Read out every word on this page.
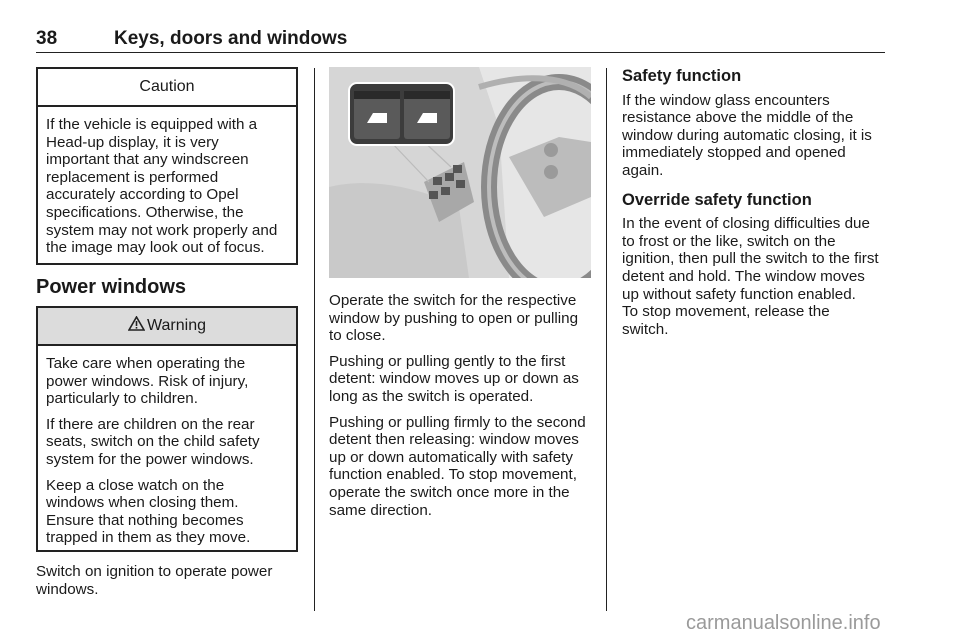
38	Keys, doors and windows
Caution
If the vehicle is equipped with a
Head-up display, it is very
important that any windscreen
replacement is performed
accurately according to Opel
specifications. Otherwise, the
system may not work properly and
the image may look out of focus.
Power windows
Warning

Take care when operating the
power windows. Risk of injury,
particularly to children.

If there are children on the rear
seats, switch on the child safety
system for the power windows.

Keep a close watch on the
windows when closing them.
Ensure that nothing becomes
trapped in them as they move.

Switch on ignition to operate power
windows.

Operate the switch for the respective
window by pushing to open or pulling
to close.

Pushing or pulling gently to the first
detent: window moves up or down as
long as the switch is operated.

Pushing or pulling firmly to the second
detent then releasing: window moves
up or down automatically with safety
function enabled. To stop movement,
operate the switch once more in the
same direction.

Safety function

If the window glass encounters
resistance above the middle of the
window during automatic closing, it is
immediately stopped and opened
again.

Override safety function

In the event of closing difficulties due
to frost or the like, switch on the
ignition, then pull the switch to the first
detent and hold. The window moves
up without safety function enabled.
To stop movement, release the
switch.

carmanualsonline.info
